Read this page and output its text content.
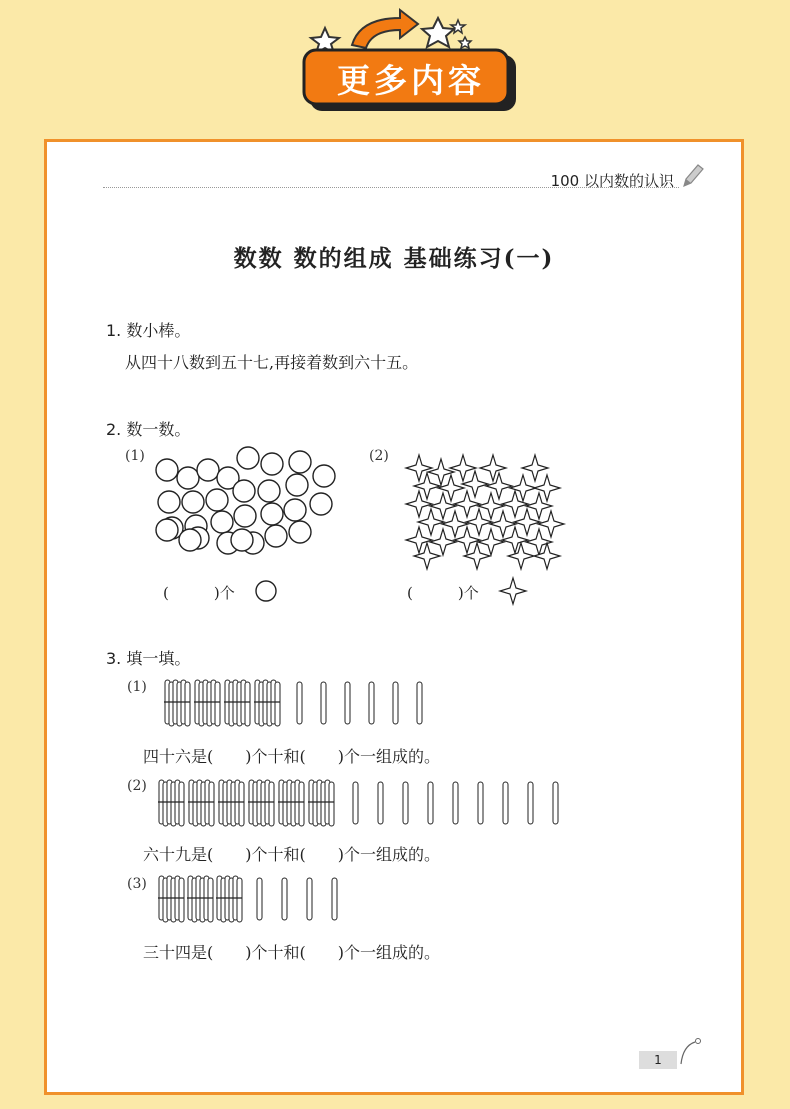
更多内容
100 以内数的认识
数数 数的组成 基础练习(一)
1. 数小棒。
从四十八数到五十七,再接着数到六十五。
2. 数一数。
(1)	(2)
(　　　)个	(　　　)个
3. 填一填。
(1)
(2)
(3)
四十六是(　　)个十和(　　)个一组成的。
六十九是(　　)个十和(　　)个一组成的。
三十四是(　　)个十和(　　)个一组成的。
1
